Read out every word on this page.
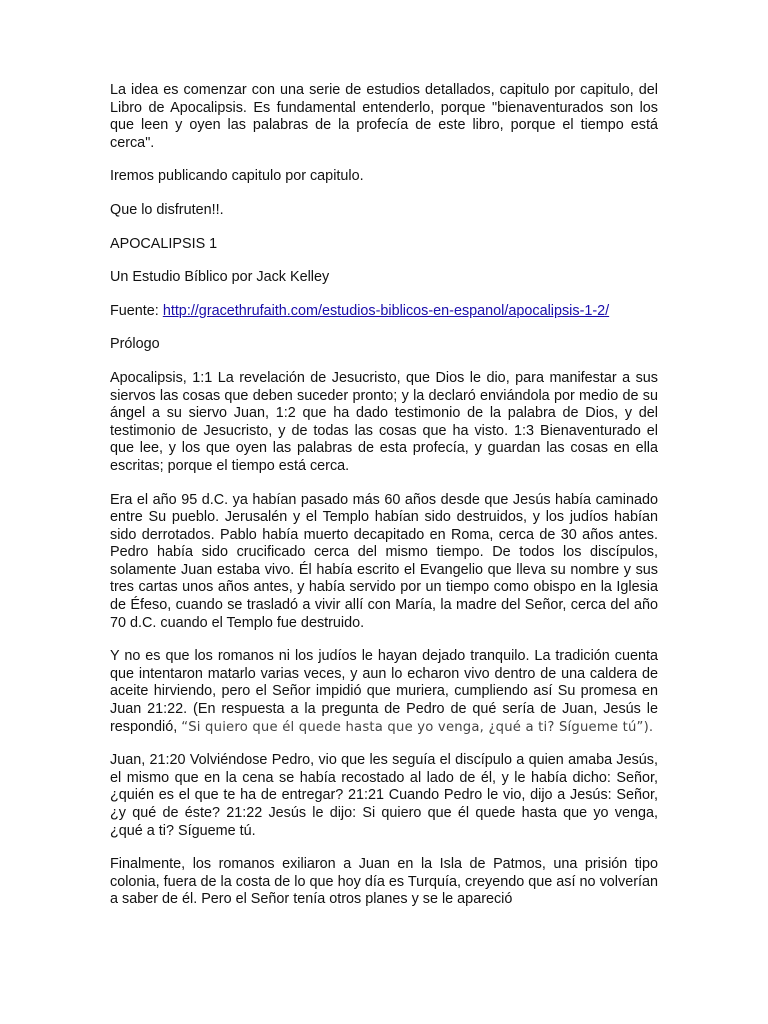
La idea es comenzar con una serie de estudios detallados, capitulo por capitulo, del Libro de Apocalipsis. Es fundamental entenderlo, porque "bienaventurados son los que leen y oyen las palabras de la profecía de este libro, porque el tiempo está cerca".

Iremos publicando capitulo por capitulo.

Que lo disfruten!!.

APOCALIPSIS 1

Un Estudio Bíblico por Jack Kelley

Fuente: http://gracethrufaith.com/estudios-biblicos-en-espanol/apocalipsis-1-2/

Prólogo

Apocalipsis, 1:1 La revelación de Jesucristo, que Dios le dio, para manifestar a sus siervos las cosas que deben suceder pronto; y la declaró enviándola por medio de su ángel a su siervo Juan, 1:2 que ha dado testimonio de la palabra de Dios, y del testimonio de Jesucristo, y de todas las cosas que ha visto. 1:3 Bienaventurado el que lee, y los que oyen las palabras de esta profecía, y guardan las cosas en ella escritas; porque el tiempo está cerca.

Era el año 95 d.C. ya habían pasado más 60 años desde que Jesús había caminado entre Su pueblo. Jerusalén y el Templo habían sido destruidos, y los judíos habían sido derrotados. Pablo había muerto decapitado en Roma, cerca de 30 años antes. Pedro había sido crucificado cerca del mismo tiempo. De todos los discípulos, solamente Juan estaba vivo. Él había escrito el Evangelio que lleva su nombre y sus tres cartas unos años antes, y había servido por un tiempo como obispo en la Iglesia de Éfeso, cuando se trasladó a vivir allí con María, la madre del Señor, cerca del año 70 d.C. cuando el Templo fue destruido.

Y no es que los romanos ni los judíos le hayan dejado tranquilo. La tradición cuenta que intentaron matarlo varias veces, y aun lo echaron vivo dentro de una caldera de aceite hirviendo, pero el Señor impidió que muriera, cumpliendo así Su promesa en Juan 21:22. (En respuesta a la pregunta de Pedro de qué sería de Juan, Jesús le respondió, “Si quiero que él quede hasta que yo venga, ¿qué a ti? Sígueme tú”).

Juan, 21:20 Volviéndose Pedro, vio que les seguía el discípulo a quien amaba Jesús, el mismo que en la cena se había recostado al lado de él, y le había dicho: Señor, ¿quién es el que te ha de entregar? 21:21 Cuando Pedro le vio, dijo a Jesús: Señor, ¿y qué de éste? 21:22 Jesús le dijo: Si quiero que él quede hasta que yo venga, ¿qué a ti? Sígueme tú.

Finalmente, los romanos exiliaron a Juan en la Isla de Patmos, una prisión tipo colonia, fuera de la costa de lo que hoy día es Turquía, creyendo que así no volverían a saber de él. Pero el Señor tenía otros planes y se le apareció
